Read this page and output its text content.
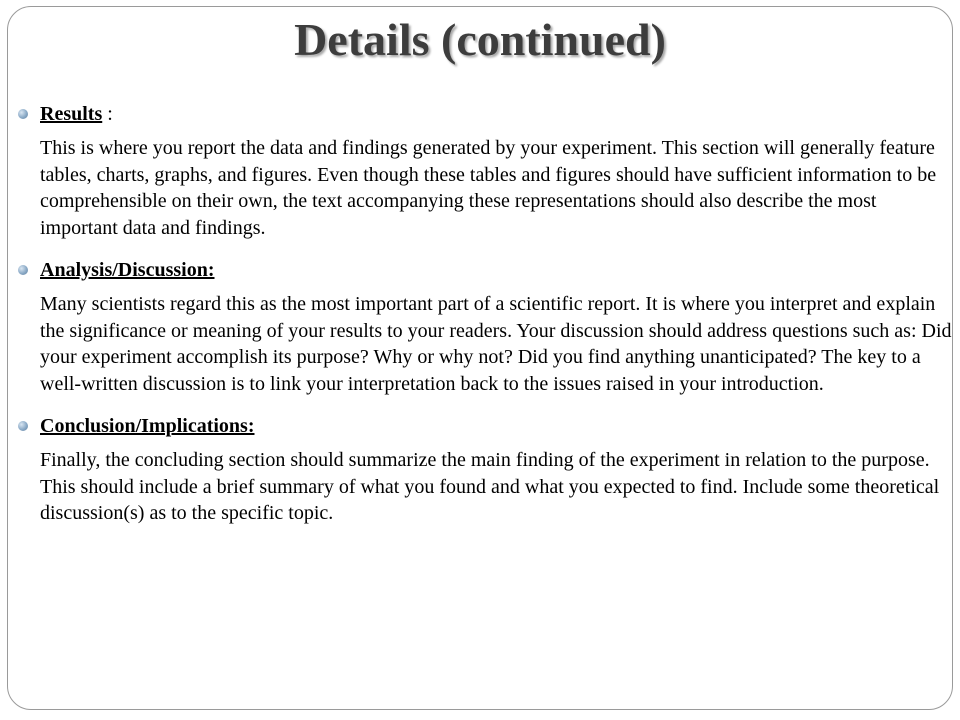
Details (continued)
Results :

This is where you report the data and findings generated by your experiment. This section will generally feature tables, charts, graphs, and figures. Even though these tables and figures should have sufficient information to be comprehensible on their own, the text accompanying these representations should also describe the most important data and findings.

Analysis/Discussion:

Many scientists regard this as the most important part of a scientific report. It is where you interpret and explain the significance or meaning of your results to your readers. Your discussion should address questions such as: Did your experiment accomplish its purpose? Why or why not? Did you find anything unanticipated? The key to a well-written discussion is to link your interpretation back to the issues raised in your introduction.

Conclusion/Implications:

Finally, the concluding section should summarize the main finding of the experiment in relation to the purpose. This should include a brief summary of what you found and what you expected to find. Include some theoretical discussion(s) as to the specific topic.
